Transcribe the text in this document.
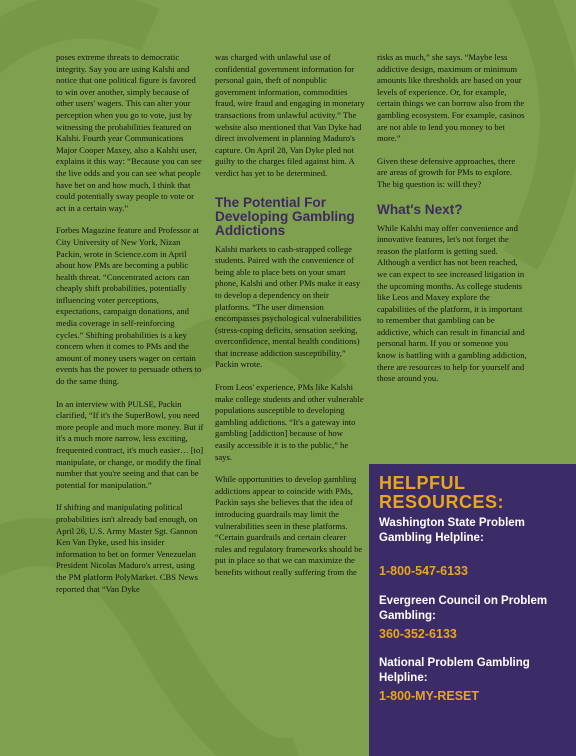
poses extreme threats to democratic integrity. Say you are using Kalshi and notice that one political figure is favored to win over another, simply because of other users' wagers. This can alter your perception when you go to vote, just by witnessing the probabilities featured on Kalshi. Fourth year Communications Major Cooper Maxey, also a Kalshi user, explains it this way: “Because you can see the live odds and you can see what people have bet on and how much, I think that could potentially sway people to vote or act in a certain way.”

Forbes Magazine feature and Professor at City University of New York, Nizan Packin, wrote in Science.com in April about how PMs are becoming a public health threat. “Concentrated actors can cheaply shift probabilities, potentially influencing voter perceptions, expectations, campaign donations, and media coverage in self-reinforcing cycles.” Shifting probabilities is a key concern when it comes to PMs and the amount of money users wager on certain events has the power to persuade others to do the same thing.

In an interview with PULSE, Packin clarified, “If it's the SuperBowl, you need more people and much more money. But if it's a much more narrow, less exciting, frequented contract, it's much easier… [to] manipulate, or change, or modify the final number that you're seeing and that can be potential for manipulation.”

If shifting and manipulating political probabilities isn't already bad enough, on April 26, U.S. Army Master Sgt. Gannon Ken Van Dyke, used his insider information to bet on former Venezuelan President Nicolas Maduro's arrest, using the PM platform PolyMarket. CBS News reported that “Van Dyke

was charged with unlawful use of confidential government information for personal gain, theft of nonpublic government information, commodities fraud, wire fraud and engaging in monetary transactions from unlawful activity.” The website also mentioned that Van Dyke had direct involvement in planning Maduro's capture. On April 28, Van Dyke pled not guilty to the charges filed against him. A verdict has yet to be determined.

The Potential For Developing Gambling Addictions

Kalshi markets to cash-strapped college students. Paired with the convenience of being able to place bets on your smart phone, Kalshi and other PMs make it easy to develop a dependency on their platforms. “The user dimension encompasses psychological vulnerabilities (stress-coping deficits, sensation seeking, overconfidence, mental health conditions) that increase addiction susceptibility,” Packin wrote.

From Leos' experience, PMs like Kalshi make college students and other vulnerable populations susceptible to developing gambling addictions. “It's a gateway into gambling [addiction] because of how easily accessible it is to the public,” he says.

While opportunities to develop gambling addictions appear to coincide with PMs, Packin says she believes that the idea of introducing guardrails may limit the vulnerabilities seen in these platforms. “Certain guardrails and certain clearer rules and regulatory frameworks should be put in place so that we can maximize the benefits without really suffering from the

risks as much,” she says. “Maybe less addictive design, maximum or minimum amounts like thresholds are based on your levels of experience. Or, for example, certain things we can borrow also from the gambling ecosystem. For example, casinos are not able to lend you money to bet more.”

Given these defensive approaches, there are areas of growth for PMs to explore. The big question is: will they?

What's Next?

While Kalshi may offer convenience and innovative features, let's not forget the reason the platform is getting sued. Although a verdict has not been reached, we can expect to see increased litigation in the upcoming months. As college students like Leos and Maxey explore the capabilities of the platform, it is important to remember that gambling can be addictive, which can result in financial and personal harm. If you or someone you know is battling with a gambling addiction, there are resources to help for yourself and those around you.

HELPFUL RESOURCES:
Washington State Problem Gambling Helpline:
1-800-547-6133
Evergreen Council on Problem Gambling:
360-352-6133
National Problem Gambling Helpline:
1-800-MY-RESET
